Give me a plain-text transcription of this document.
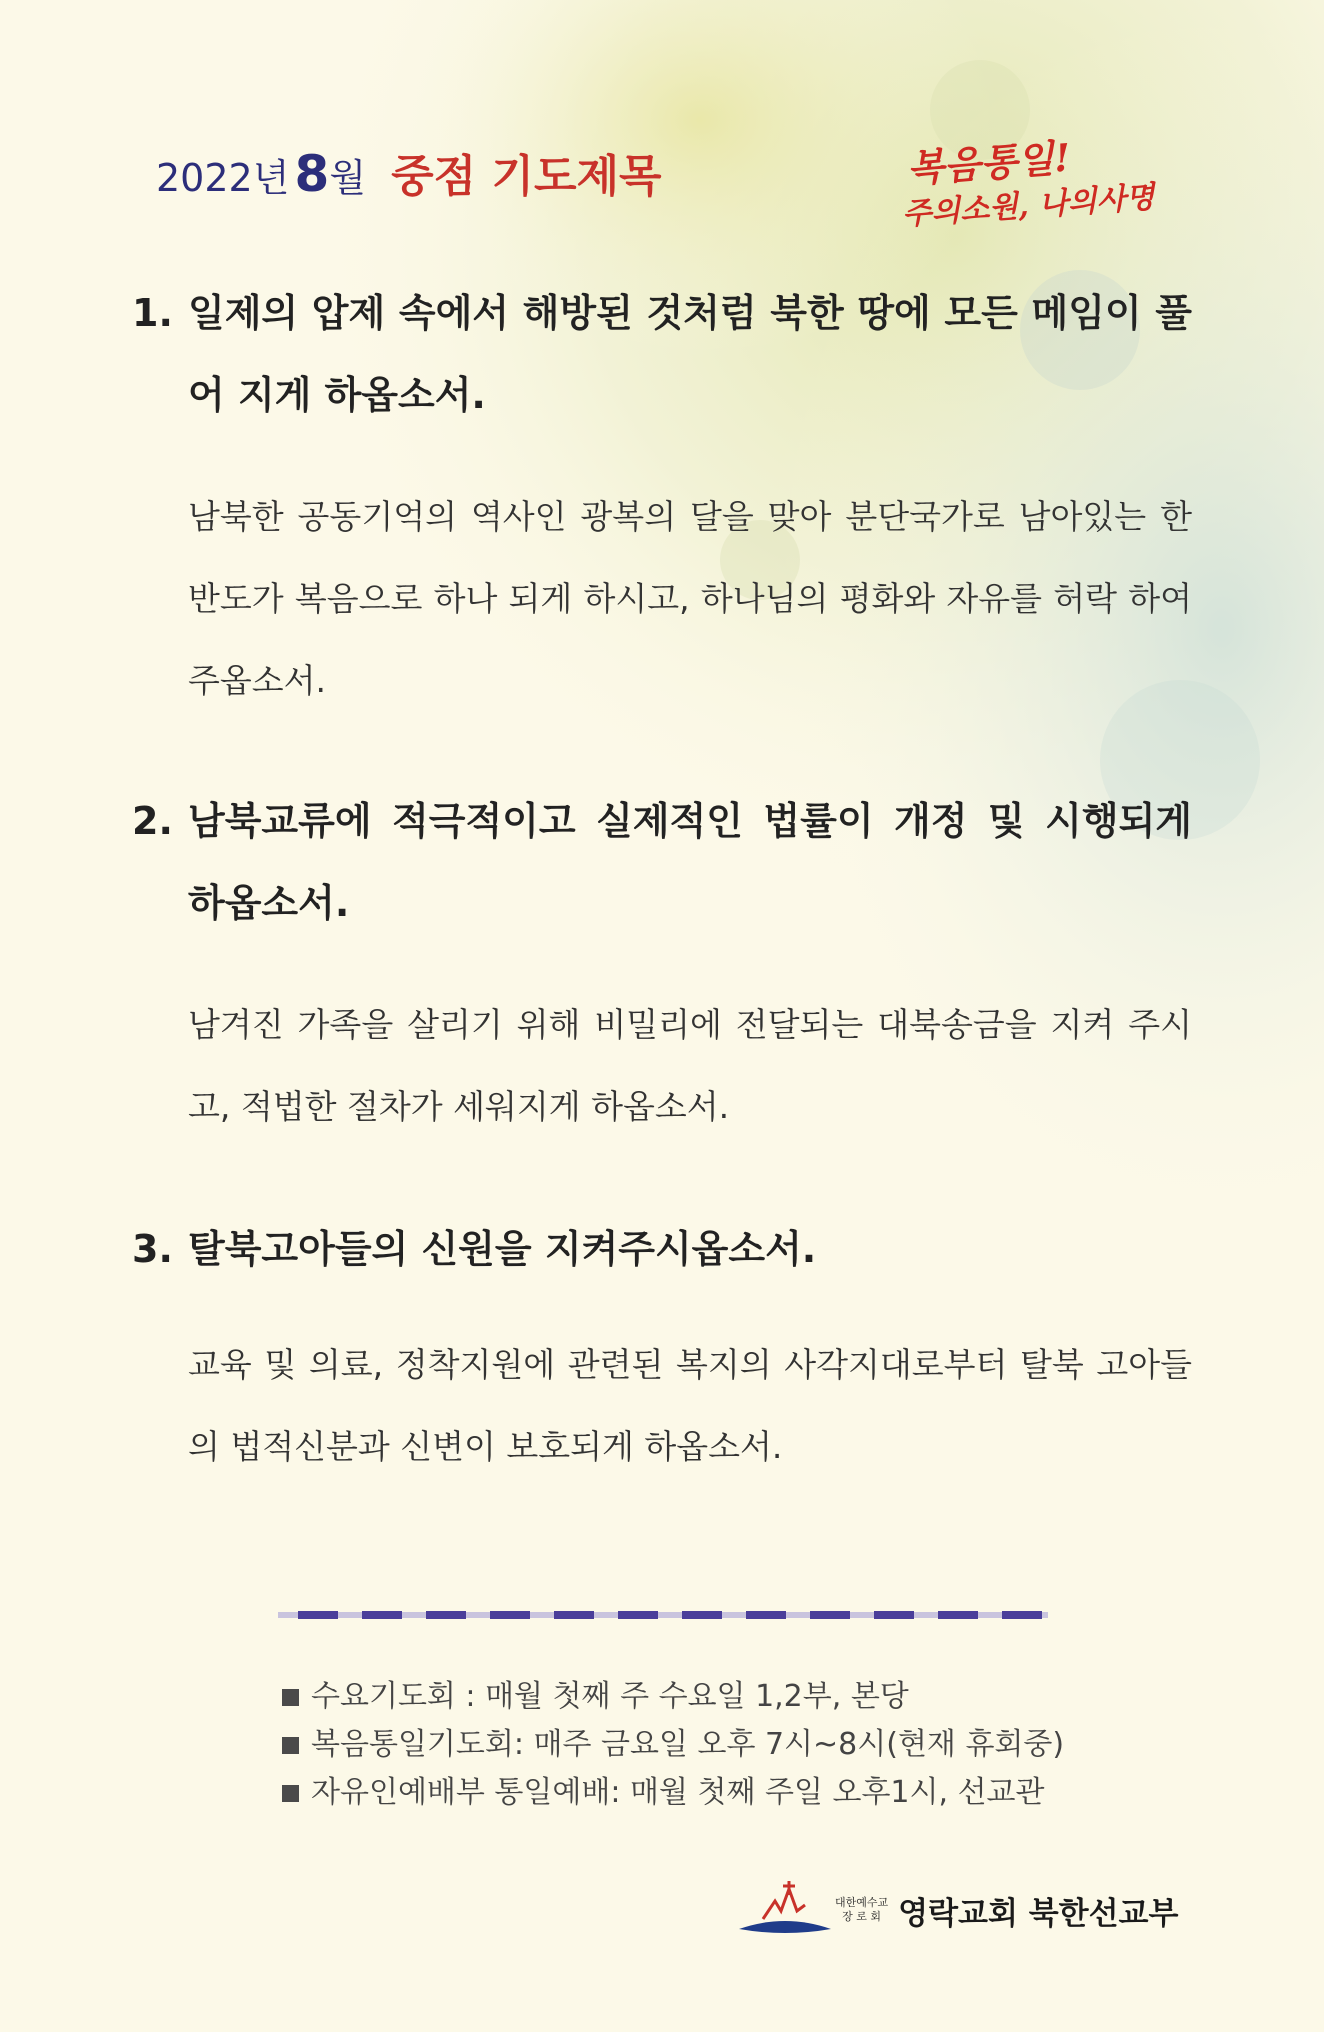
2022년 8월 중점 기도제목	복음통일!
주의소원, 나의사명
1. 일제의 압제 속에서 해방된 것처럼 북한 땅에 모든 메임이 풀어 지게 하옵소서.
남북한 공동기억의 역사인 광복의 달을 맞아 분단국가로 남아있는 한반도가 복음으로 하나 되게 하시고, 하나님의 평화와 자유를 허락 하여 주옵소서.
2. 남북교류에 적극적이고 실제적인 법률이 개정 및 시행되게 하옵소서.
남겨진 가족을 살리기 위해 비밀리에 전달되는 대북송금을 지켜 주시고, 적법한 절차가 세워지게 하옵소서.
3. 탈북고아들의 신원을 지켜주시옵소서.
교육 및 의료, 정착지원에 관련된 복지의 사각지대로부터 탈북 고아들의 법적신분과 신변이 보호되게 하옵소서.
수요기도회 : 매월 첫째 주 수요일 1,2부, 본당
복음통일기도회: 매주 금요일 오후 7시~8시(현재 휴회중)
자유인예배부 통일예배: 매월 첫째 주일 오후1시, 선교관
대한예수교
장 로 회 영락교회 북한선교부
